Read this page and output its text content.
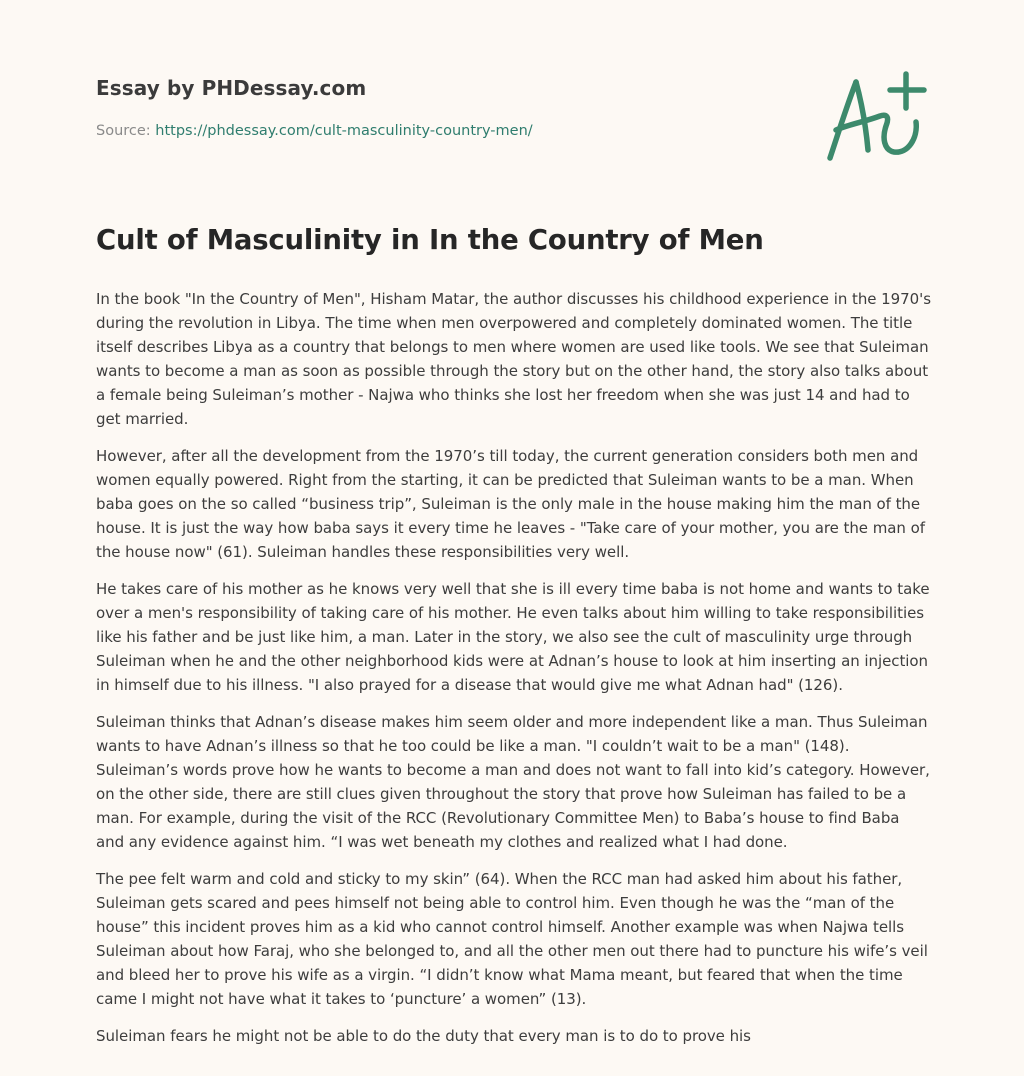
Essay by PHDessay.com

Source: https://phdessay.com/cult-masculinity-country-men/

Cult of Masculinity in In the Country of Men

In the book "In the Country of Men", Hisham Matar, the author discusses his childhood experience in the 1970's during the revolution in Libya. The time when men overpowered and completely dominated women. The title itself describes Libya as a country that belongs to men where women are used like tools. We see that Suleiman wants to become a man as soon as possible through the story but on the other hand, the story also talks about a female being Suleiman’s mother - Najwa who thinks she lost her freedom when she was just 14 and had to get married.

However, after all the development from the 1970’s till today, the current generation considers both men and women equally powered. Right from the starting, it can be predicted that Suleiman wants to be a man. When baba goes on the so called “business trip”, Suleiman is the only male in the house making him the man of the house. It is just the way how baba says it every time he leaves - "Take care of your mother, you are the man of the house now" (61). Suleiman handles these responsibilities very well.

He takes care of his mother as he knows very well that she is ill every time baba is not home and wants to take over a men's responsibility of taking care of his mother. He even talks about him willing to take responsibilities like his father and be just like him, a man. Later in the story, we also see the cult of masculinity urge through Suleiman when he and the other neighborhood kids were at Adnan’s house to look at him inserting an injection in himself due to his illness. "I also prayed for a disease that would give me what Adnan had" (126).

Suleiman thinks that Adnan’s disease makes him seem older and more independent like a man. Thus Suleiman wants to have Adnan’s illness so that he too could be like a man. "I couldn’t wait to be a man" (148). Suleiman’s words prove how he wants to become a man and does not want to fall into kid’s category. However, on the other side, there are still clues given throughout the story that prove how Suleiman has failed to be a man. For example, during the visit of the RCC (Revolutionary Committee Men) to Baba’s house to find Baba and any evidence against him. “I was wet beneath my clothes and realized what I had done.

The pee felt warm and cold and sticky to my skin” (64). When the RCC man had asked him about his father, Suleiman gets scared and pees himself not being able to control him. Even though he was the “man of the house” this incident proves him as a kid who cannot control himself. Another example was when Najwa tells Suleiman about how Faraj, who she belonged to, and all the other men out there had to puncture his wife’s veil and bleed her to prove his wife as a virgin. “I didn’t know what Mama meant, but feared that when the time came I might not have what it takes to ‘puncture’ a women” (13).

Suleiman fears he might not be able to do the duty that every man is to do to prove his
